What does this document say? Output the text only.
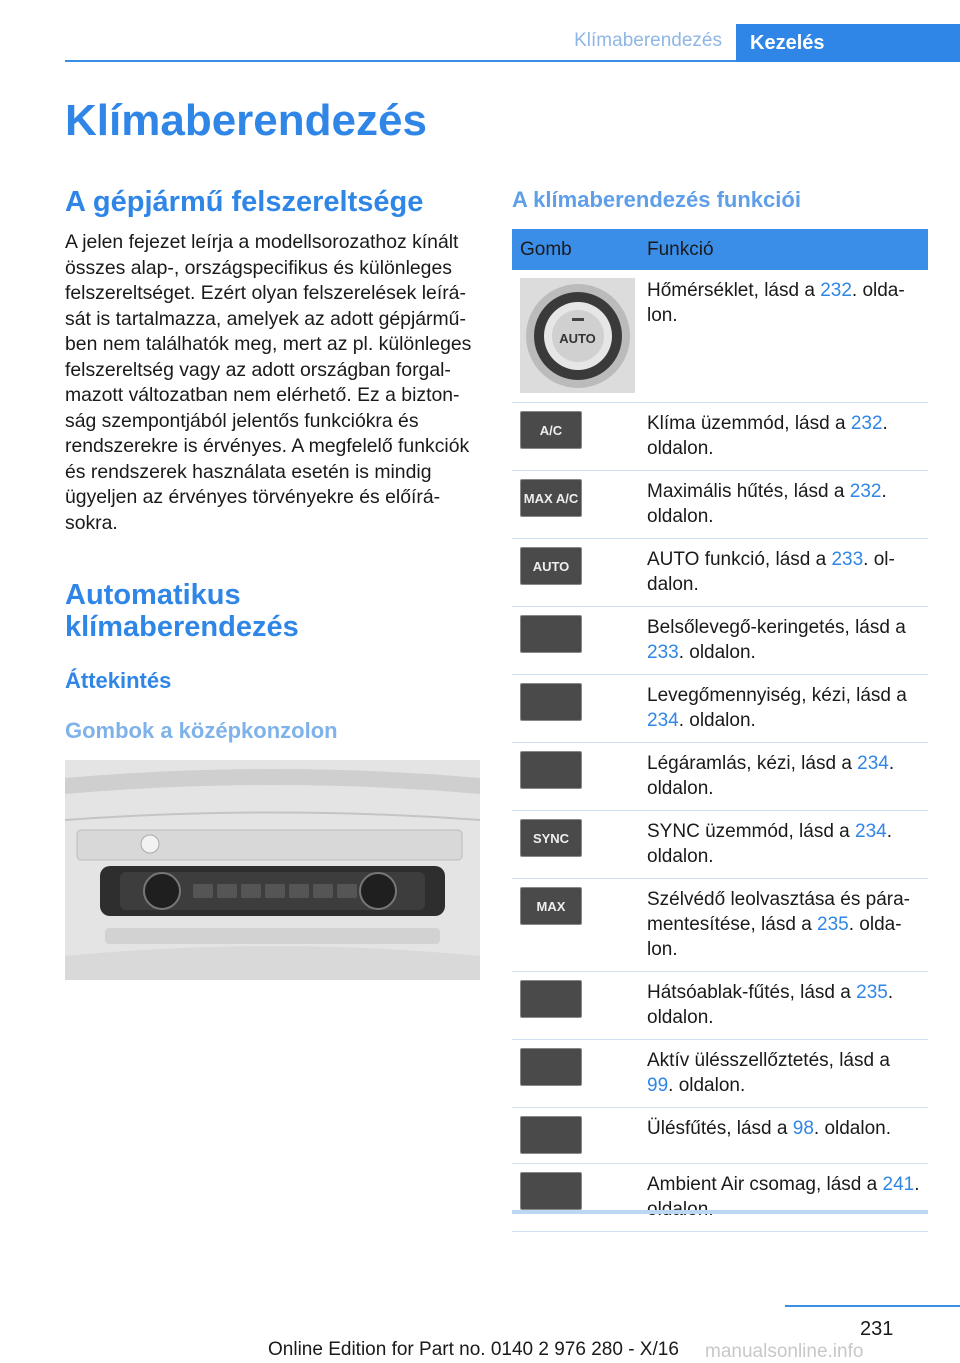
Klímaberendezés	Kezelés
Klímaberendezés
A gépjármű felszereltsége

A jelen fejezet leírja a modellsorozathoz kínált összes alap-, országspecifikus és különleges felszereltséget. Ezért olyan felszerelések leírását is tartalmazza, amelyek az adott gépjárműben nem találhatók meg, mert az pl. különleges felszereltség vagy az adott országban forgalmazott változatban nem elérhető. Ez a biztonság szempontjából jelentős funkciókra és rendszerekre is érvényes. A megfelelő funkciók és rendszerek használata esetén is mindig ügyeljen az érvényes törvényekre és előírásokra.

Automatikus klímaberendezés
Áttekintés
Gombok a középkonzolon
A klímaberendezés funkciói
Gomb	Funkció

AUTO	Hőmérséklet, lásd a 232. oldalon.

A/C	Klíma üzemmód, lásd a 232. oldalon.

MAX A/C	Maximális hűtés, lásd a 232. oldalon.

AUTO	AUTO funkció, lásd a 233. oldalon.

	Belsőlevegő-keringetés, lásd a 233. oldalon.

	Levegőmennyiség, kézi, lásd a 234. oldalon.

	Légáramlás, kézi, lásd a 234. oldalon.

SYNC	SYNC üzemmód, lásd a 234. oldalon.

MAX	Szélvédő leolvasztása és páramentesítése, lásd a 235. oldalon.

	Hátsóablak-fűtés, lásd a 235. oldalon.

	Aktív ülésszellőztetés, lásd a 99. oldalon.

	Ülésfűtés, lásd a 98. oldalon.

	Ambient Air csomag, lásd a 241.
231
Online Edition for Part no. 0140 2 976 280 - X/16 manualsonline.info
